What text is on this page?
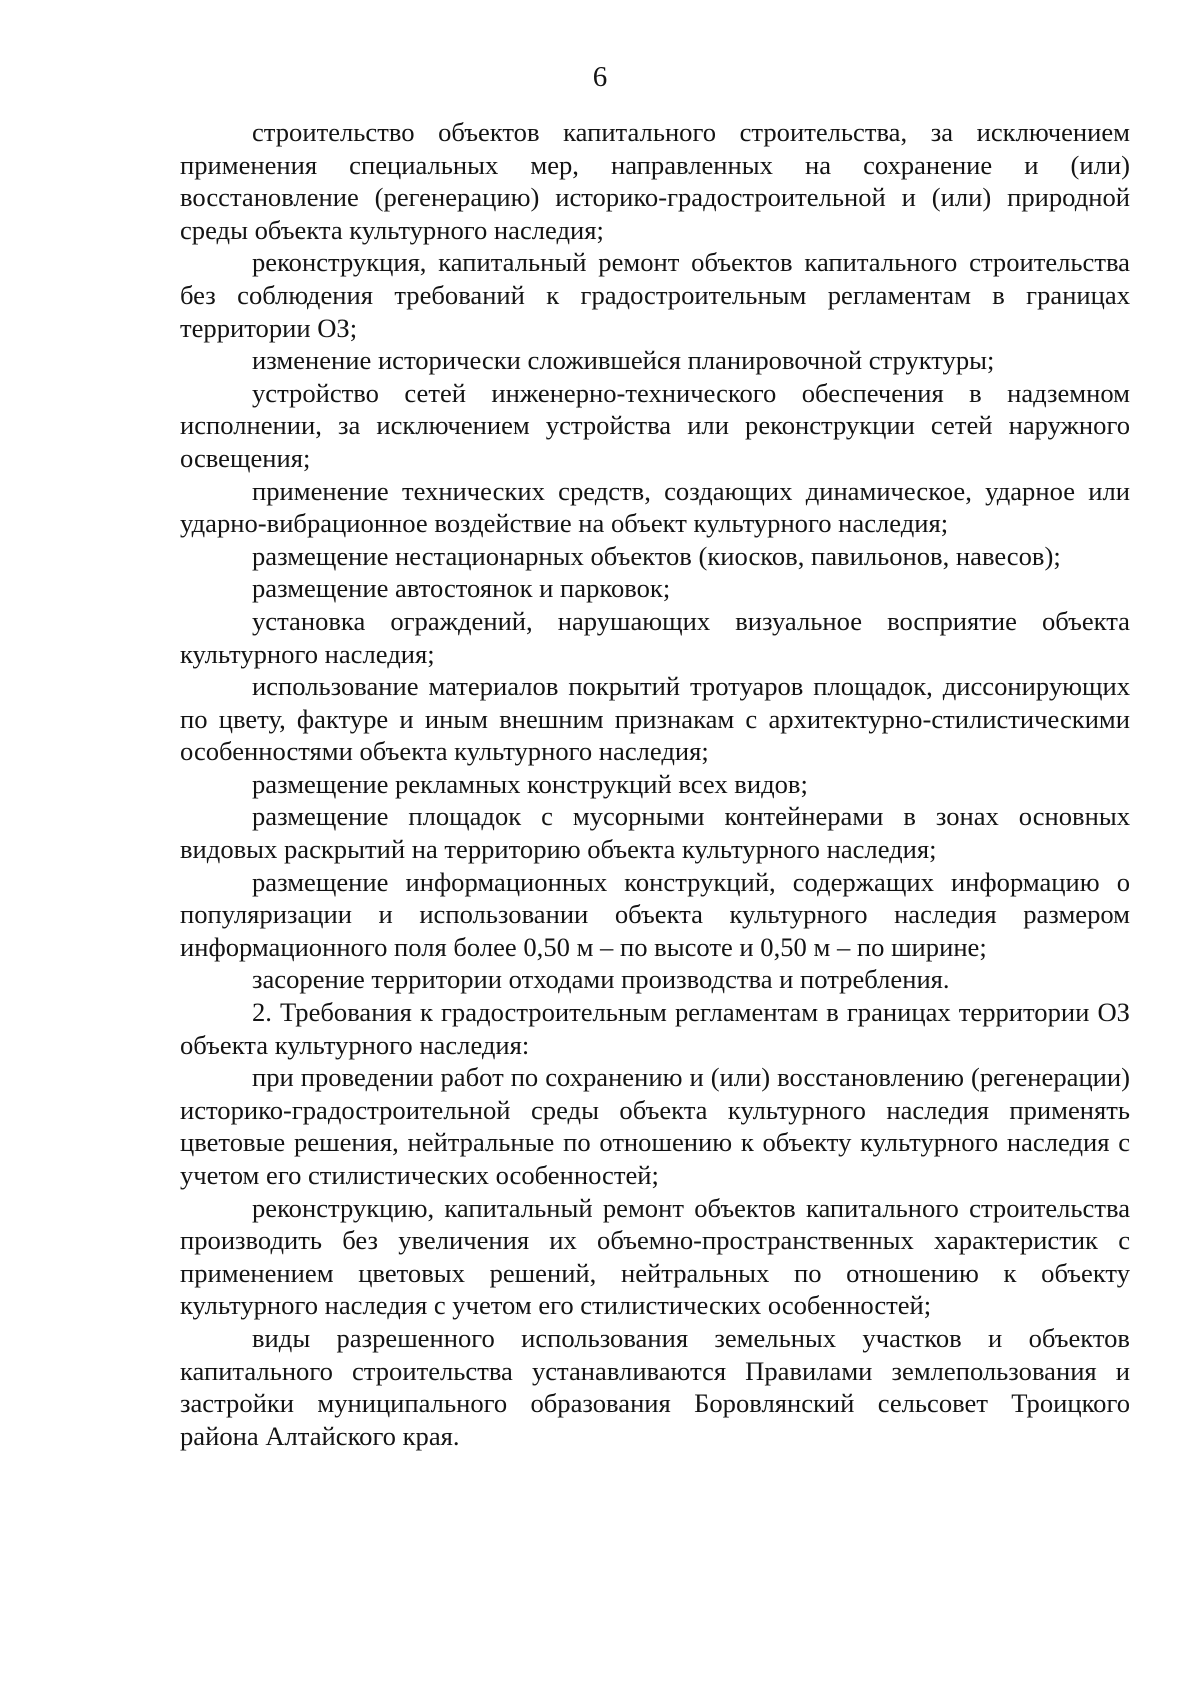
6

строительство объектов капитального строительства, за исключением применения специальных мер, направленных на сохранение и (или) восстановление (регенерацию) историко-градостроительной и (или) природной среды объекта культурного наследия;

реконструкция, капитальный ремонт объектов капитального строительства без соблюдения требований к градостроительным регламентам в границах территории ОЗ;

изменение исторически сложившейся планировочной структуры;

устройство сетей инженерно-технического обеспечения в надземном исполнении, за исключением устройства или реконструкции сетей наружного освещения;

применение технических средств, создающих динамическое, ударное или ударно-вибрационное воздействие на объект культурного наследия;

размещение нестационарных объектов (киосков, павильонов, навесов);

размещение автостоянок и парковок;

установка ограждений, нарушающих визуальное восприятие объекта культурного наследия;

использование материалов покрытий тротуаров площадок, диссонирующих по цвету, фактуре и иным внешним признакам с архитектурно-стилистическими особенностями объекта культурного наследия;

размещение рекламных конструкций всех видов;

размещение площадок с мусорными контейнерами в зонах основных видовых раскрытий на территорию объекта культурного наследия;

размещение информационных конструкций, содержащих информацию о популяризации и использовании объекта культурного наследия размером информационного поля более 0,50 м – по высоте и 0,50 м – по ширине;

засорение территории отходами производства и потребления.

2. Требования к градостроительным регламентам в границах территории ОЗ объекта культурного наследия:

при проведении работ по сохранению и (или) восстановлению (регенерации) историко-градостроительной среды объекта культурного наследия применять цветовые решения, нейтральные по отношению к объекту культурного наследия с учетом его стилистических особенностей;

реконструкцию, капитальный ремонт объектов капитального строительства производить без увеличения их объемно-пространственных характеристик с применением цветовых решений, нейтральных по отношению к объекту культурного наследия с учетом его стилистических особенностей;

виды разрешенного использования земельных участков и объектов капитального строительства устанавливаются Правилами землепользования и застройки муниципального образования Боровлянский сельсовет Троицкого района Алтайского края.
